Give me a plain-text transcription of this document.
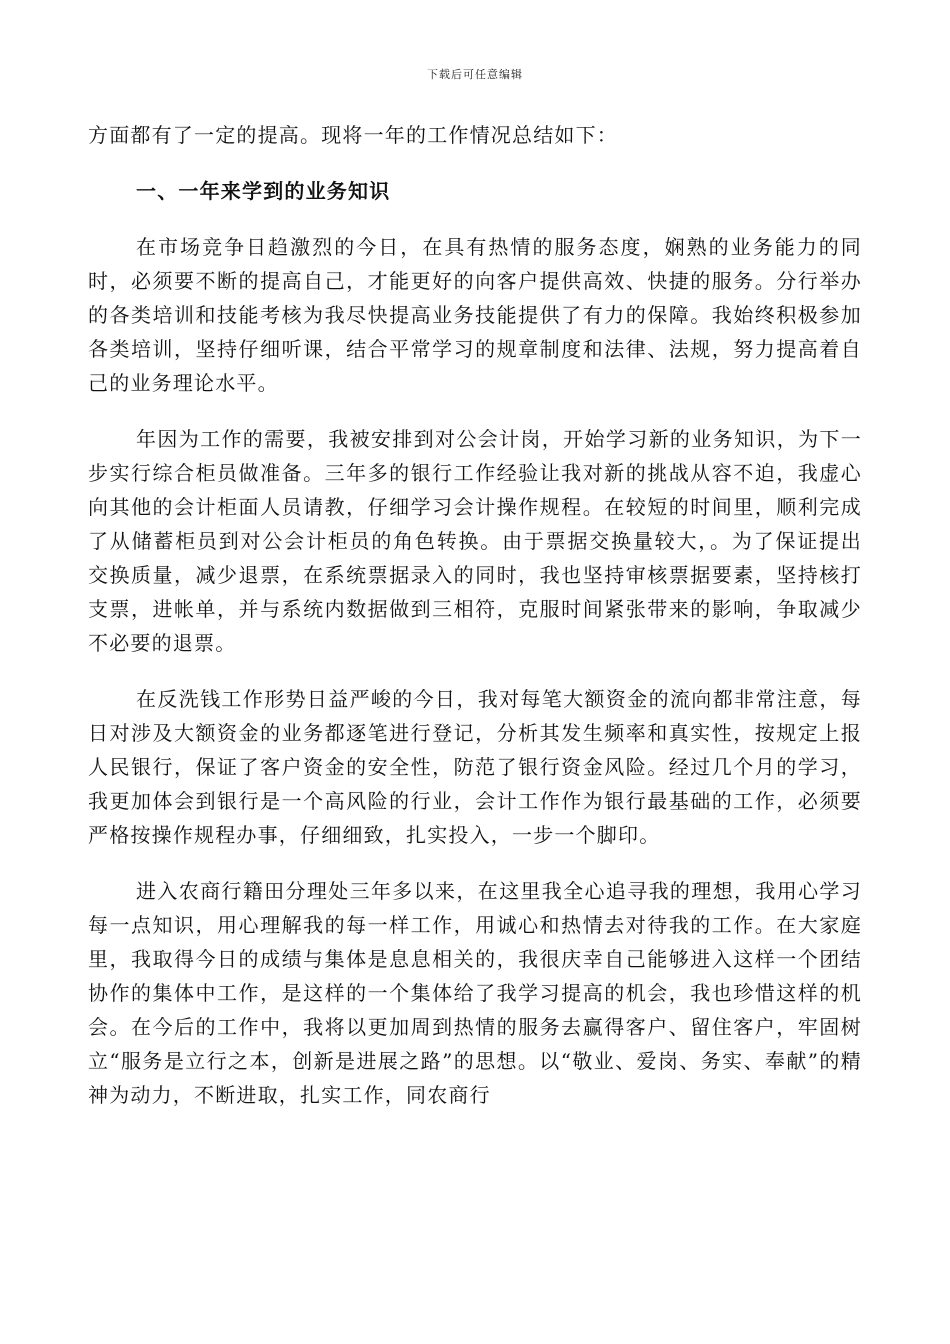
下载后可任意编辑

方面都有了一定的提高。现将一年的工作情况总结如下：

一、一年来学到的业务知识

在市场竞争日趋激烈的今日，在具有热情的服务态度，娴熟的业务能力的同时，必须要不断的提高自己，才能更好的向客户提供高效、快捷的服务。分行举办的各类培训和技能考核为我尽快提高业务技能提供了有力的保障。我始终积极参加各类培训，坚持仔细听课，结合平常学习的规章制度和法律、法规，努力提高着自己的业务理论水平。

年因为工作的需要，我被安排到对公会计岗，开始学习新的业务知识，为下一步实行综合柜员做准备。三年多的银行工作经验让我对新的挑战从容不迫，我虚心向其他的会计柜面人员请教，仔细学习会计操作规程。在较短的时间里，顺利完成了从储蓄柜员到对公会计柜员的角色转换。由于票据交换量较大，。为了保证提出交换质量，减少退票，在系统票据录入的同时，我也坚持审核票据要素，坚持核打支票，进帐单，并与系统内数据做到三相符，克服时间紧张带来的影响，争取减少不必要的退票。

在反洗钱工作形势日益严峻的今日，我对每笔大额资金的流向都非常注意，每日对涉及大额资金的业务都逐笔进行登记，分析其发生频率和真实性，按规定上报人民银行，保证了客户资金的安全性，防范了银行资金风险。经过几个月的学习，我更加体会到银行是一个高风险的行业，会计工作作为银行最基础的工作，必须要严格按操作规程办事，仔细细致，扎实投入，一步一个脚印。

进入农商行籍田分理处三年多以来，在这里我全心追寻我的理想，我用心学习每一点知识，用心理解我的每一样工作，用诚心和热情去对待我的工作。在大家庭里，我取得今日的成绩与集体是息息相关的，我很庆幸自己能够进入这样一个团结协作的集体中工作，是这样的一个集体给了我学习提高的机会，我也珍惜这样的机会。在今后的工作中，我将以更加周到热情的服务去赢得客户、留住客户，牢固树立“服务是立行之本，创新是进展之路”的思想。以“敬业、爱岗、务实、奉献”的精神为动力，不断进取，扎实工作，同农商行
